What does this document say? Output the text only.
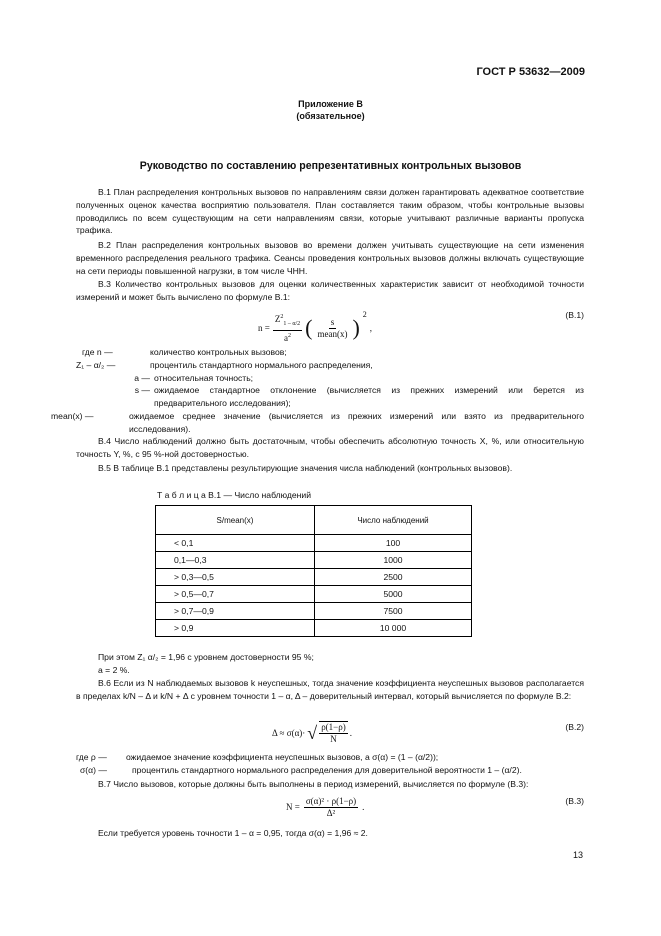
ГОСТ Р 53632—2009
Приложение В
(обязательное)
Руководство по составлению репрезентативных контрольных вызовов
В.1 План распределения контрольных вызовов по направлениям связи должен гарантировать адекватное соответствие полученных оценок качества восприятию пользователя. План составляется таким образом, чтобы контрольные вызовы проводились по всем существующим на сети направлениям связи, которые учитывают различные варианты пропуска трафика.
В.2 План распределения контрольных вызовов во времени должен учитывать существующие на сети изменения временного распределения реального трафика. Сеансы проведения контрольных вызовов должны включать существующие на сети периоды повышенной нагрузки, в том числе ЧНН.
В.3 Количество контрольных вызовов для оценки количественных характеристик зависит от необходимой точности измерений и может быть вычислено по формуле В.1:
$n = \frac{Z^2_{1 - \alpha/2}}{a^2}$ ( $\frac{s}{\text{mean(x)}}$ )
2
,
(В.1)
где n —	количество контрольных вызовов;
Z₁ – α/₂ —	процентиль стандартного нормального распределения,
a — относительная точность;
s — ожидаемое стандартное отклонение (вычисляется из прежних измерений или берется из предварительного исследования);
mean(x) —	ожидаемое среднее значение (вычисляется из прежних измерений или взято из предварительного исследования).
В.4 Число наблюдений должно быть достаточным, чтобы обеспечить абсолютную точность X, %, или относительную точность Y, %, с 95 %-ной достоверностью.
В.5 В таблице В.1 представлены результирующие значения числа наблюдений (контрольных вызовов).
Т а б л и ц а В.1 — Число наблюдений
S/mean(x)	Число наблюдений
< 0,1	100
0,1—0,3	1000
> 0,3—0,5	2500
> 0,5—0,7	5000
> 0,7—0,9	7500
> 0,9	10 000
При этом Z₁ α/₂ = 1,96 с уровнем достоверности 95 %;
a = 2 %.
В.6 Если из N наблюдаемых вызовов k неуспешных, тогда значение коэффициента неуспешных вызовов располагается в пределах k/N – Δ и k/N + Δ с уровнем точности 1 – α, Δ – доверительный интервал, который вычисляется по формуле В.2:
Δ ≈ σ(α)· √ $\frac{\rho(1-\rho)}{N}$ .
(В.2)
где ρ —	ожидаемое значение коэффициента неуспешных вызовов, а σ(α) = (1 – (α/2));
σ(α) —	процентиль стандартного нормального распределения для доверительной вероятности 1 – (α/2).
В.7 Число вызовов, которые должны быть выполнены в период измерений, вычисляется по формуле (В.3):
$N = \frac{\text{σ(α)² · ρ(1−ρ)}}{\text{Δ²}}$ .
(В.3)
Если требуется уровень точности 1 – α = 0,95, тогда σ(α) = 1,96 ≈ 2.
13
